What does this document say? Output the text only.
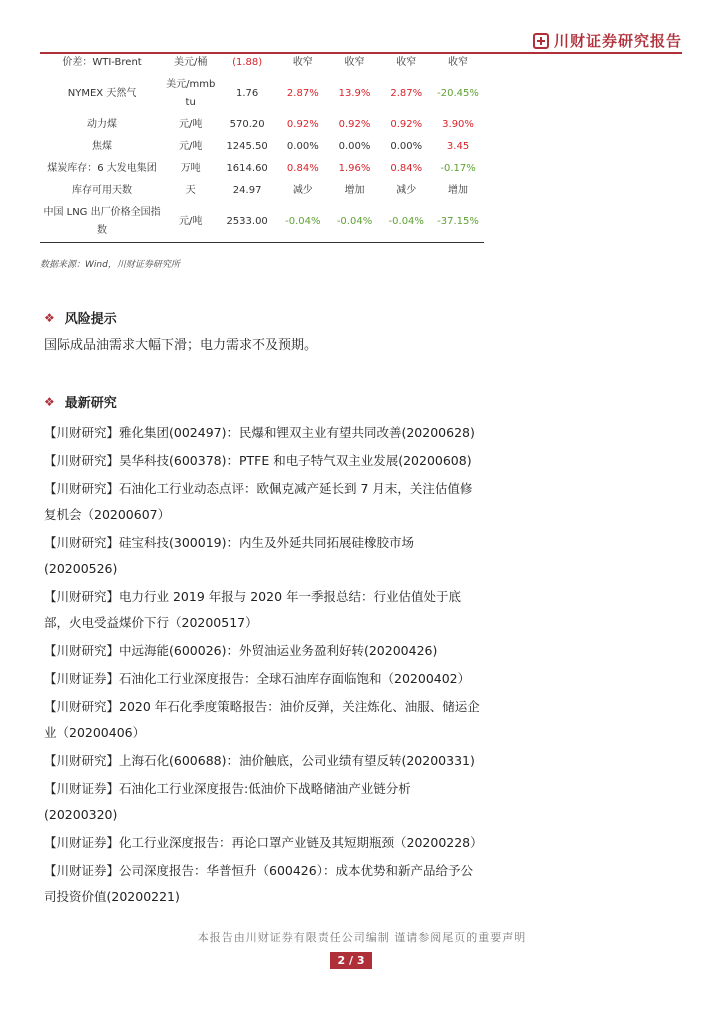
川财证券研究报告
价差：WTI-Brent	美元/桶	(1.88)	收窄	收窄	收窄	收窄
NYMEX 天然气	美元/mmbtu	1.76	2.87%	13.9%	2.87%	-20.45%
动力煤	元/吨	570.20	0.92%	0.92%	0.92%	3.90%
焦煤	元/吨	1245.50	0.00%	0.00%	0.00%	3.45
煤炭库存：6 大发电集团	万吨	1614.60	0.84%	1.96%	0.84%	-0.17%
库存可用天数	天	24.97	减少	增加	减少	增加
中国 LNG 出厂价格全国指数	元/吨	2533.00	-0.04%	-0.04%	-0.04%	-37.15%
数据来源：Wind，川财证券研究所
❖ 风险提示
国际成品油需求大幅下滑；电力需求不及预期。
❖ 最新研究
【川财研究】雅化集团(002497)：民爆和锂双主业有望共同改善(20200628)
【川财研究】昊华科技(600378)：PTFE 和电子特气双主业发展(20200608)
【川财研究】石油化工行业动态点评：欧佩克减产延长到 7 月末，关注估值修复机会（20200607）
【川财研究】硅宝科技(300019)：内生及外延共同拓展硅橡胶市场(20200526)
【川财研究】电力行业 2019 年报与 2020 年一季报总结：行业估值处于底部，火电受益煤价下行（20200517）
【川财研究】中远海能(600026)：外贸油运业务盈利好转(20200426)
【川财证券】石油化工行业深度报告：全球石油库存面临饱和（20200402）
【川财研究】2020 年石化季度策略报告：油价反弹，关注炼化、油服、储运企业（20200406）
【川财研究】上海石化(600688)：油价触底，公司业绩有望反转(20200331)
【川财证券】石油化工行业深度报告:低油价下战略储油产业链分析(20200320)
【川财证券】化工行业深度报告：再论口罩产业链及其短期瓶颈（20200228）
【川财证券】公司深度报告：华普恒升（600426）：成本优势和新产品给予公司投资价值(20200221)
本报告由川财证券有限责任公司编制 谨请参阅尾页的重要声明
2 / 3
